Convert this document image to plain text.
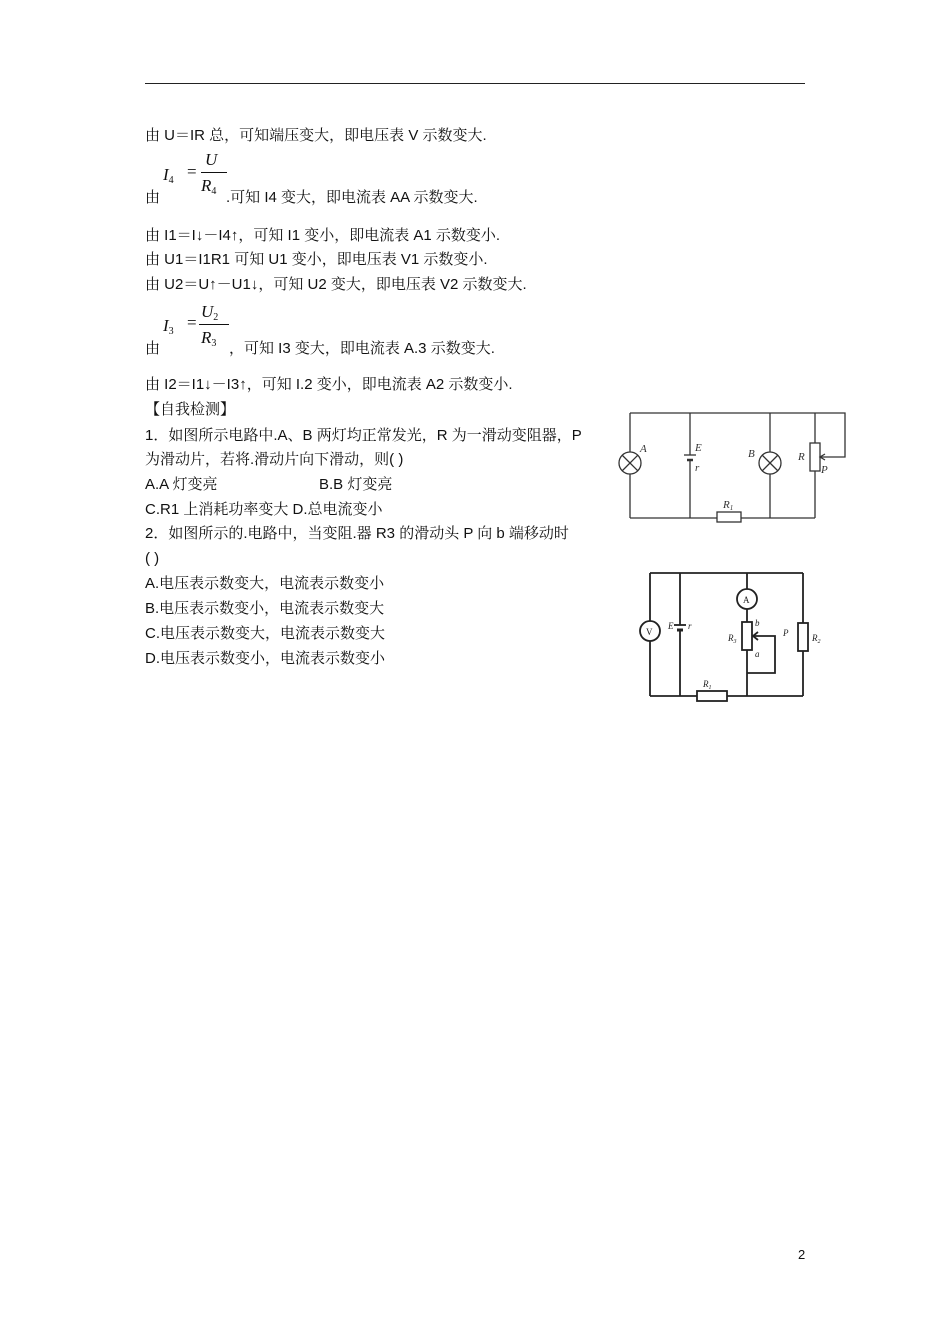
由 U＝IR 总，可知端压变大，即电压表 V 示数变大.
$I_4$ =
U
$R_4$
由	.可知 I4 变大，即电流表 AA 示数变大.
由 I1＝I↓－I4↑，可知 I1 变小，即电流表 A1 示数变小.
由 U1＝I1R1 可知 U1 变小，即电压表 V1 示数变小.
由 U2＝U↑－U1↓，可知 U2 变大，即电压表 V2 示数变大.
$I_3$ =
$U_2$
$R_3$
由	，可知 I3 变大，即电流表 A.3 示数变大.
由 I2＝I1↓－I3↑，可知 I.2 变小，即电流表 A2 示数变小.
【自我检测】
1．如图所示电路中.A、B 两灯均正常发光，R 为一滑动变阻器，P
为滑动片，若将.滑动片向下滑动，则( )
A.A 灯变亮	B.B 灯变亮
C.R1 上消耗功率变大 D.总电流变小
2．如图所示的.电路中，当变阻.器 R3 的滑动头 P 向 b 端移动时
( )
A.电压表示数变大，电流表示数变小
B.电压表示数变小，电流表示数变大
C.电压表示数变大，电流表示数变大
D.电压表示数变小，电流表示数变小
A	E
r
B	R
P
R1
V
A
E r	b
$R_3$
a
P	$R_2$
$R_1$
2
